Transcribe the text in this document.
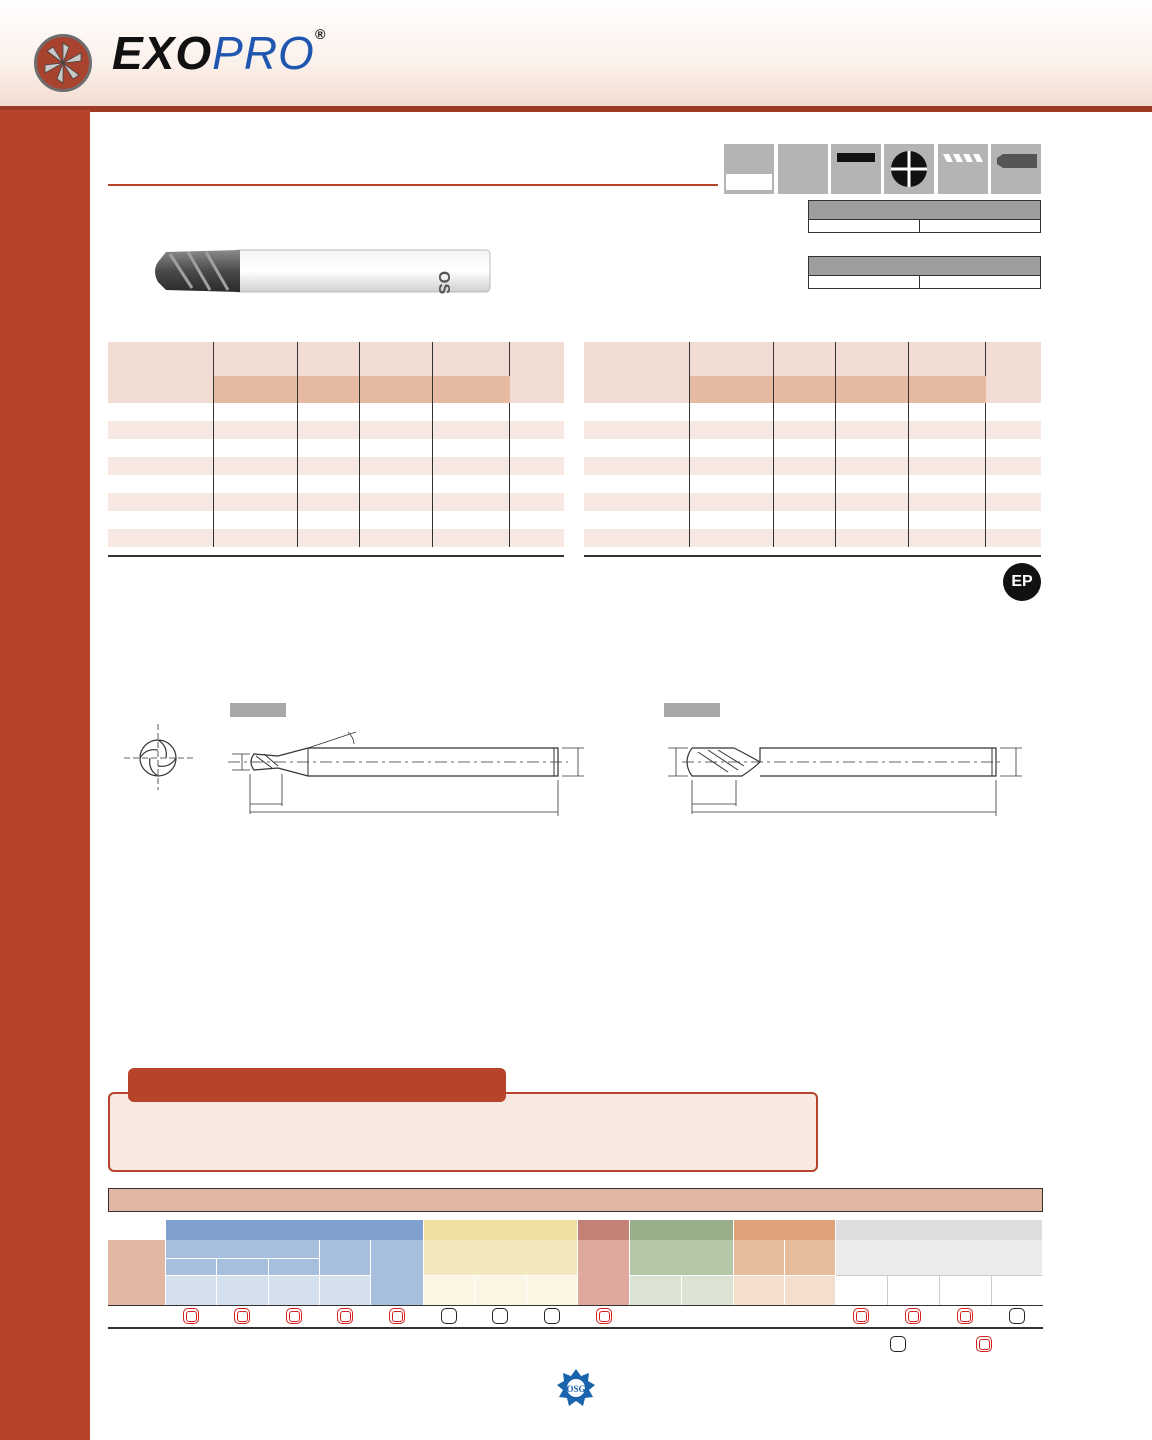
EXOPRO®

OSG

EP
OSG
